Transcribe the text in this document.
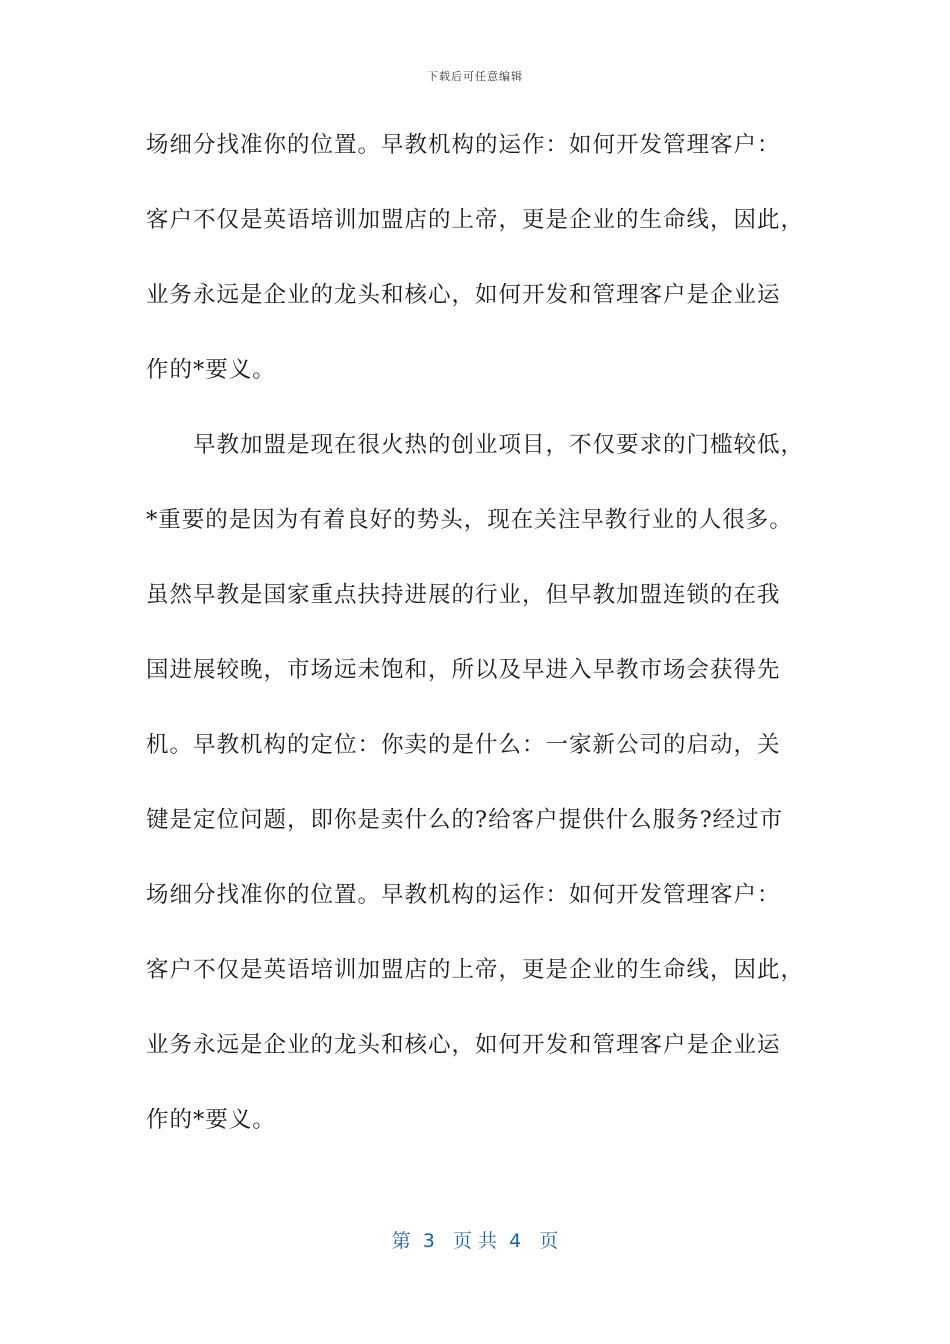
下载后可任意编辑
场细分找准你的位置。早教机构的运作：如何开发管理客户：
客户不仅是英语培训加盟店的上帝，更是企业的生命线，因此，
业务永远是企业的龙头和核心，如何开发和管理客户是企业运
作的*要义。
　　早教加盟是现在很火热的创业项目，不仅要求的门槛较低，
*重要的是因为有着良好的势头，现在关注早教行业的人很多。
虽然早教是国家重点扶持进展的行业，但早教加盟连锁的在我
国进展较晚，市场远未饱和，所以及早进入早教市场会获得先
机。早教机构的定位：你卖的是什么：一家新公司的启动，关
键是定位问题，即你是卖什么的?给客户提供什么服务?经过市
场细分找准你的位置。早教机构的运作：如何开发管理客户：
客户不仅是英语培训加盟店的上帝，更是企业的生命线，因此，
业务永远是企业的龙头和核心，如何开发和管理客户是企业运
作的*要义。
第  3   页 共  4   页
